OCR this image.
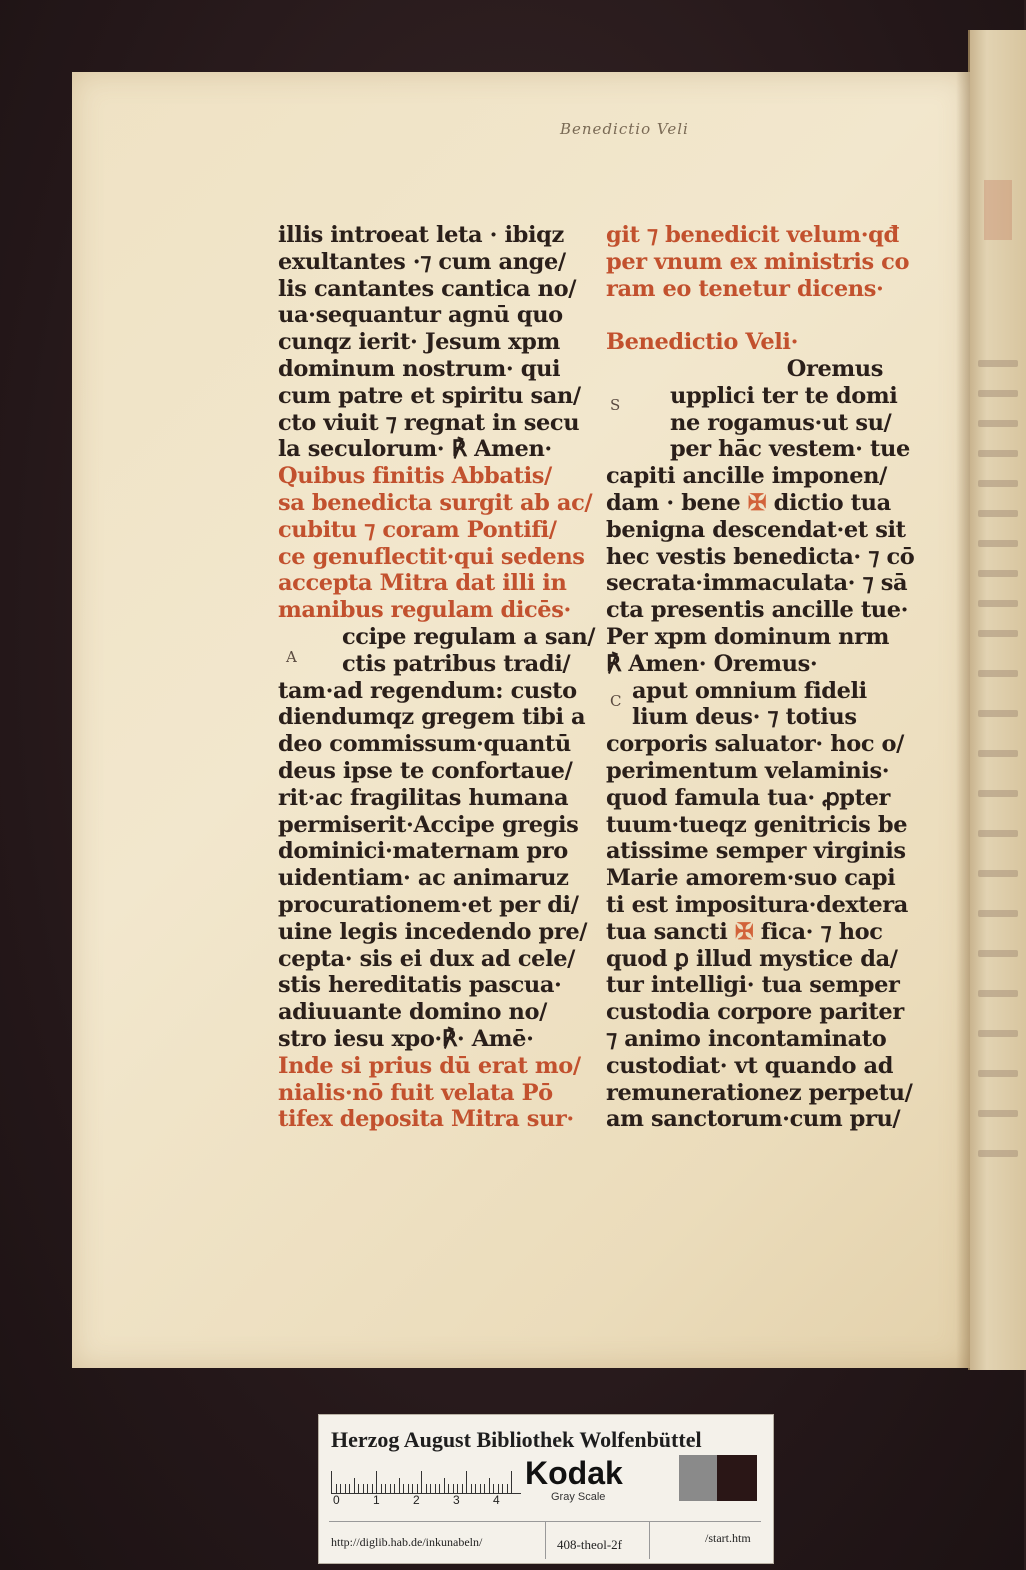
Benedictio Veli
illis introeat leta · ibiqz
exultantes ·⁊ cum ange/
lis cantantes cantica no/
ua·sequantur agnū quo
cunqz ierit· Jesum xpm
dominum nostrum· qui
cum patre et spiritu san/
cto viuit ⁊ regnat in secu
la seculorum· ℟ Amen·
Quibus finitis Abbatis/
sa benedicta surgit ab ac/
cubitu ⁊ coram Pontifi/
ce genuflectit·qui sedens
accepta Mitra dat illi in
manibus regulam dicēs·
ccipe regulam a san/
ctis patribus tradi/
tam·ad regendum: custo
diendumqz gregem tibi a
deo commissum·quantū
deus ipse te confortaue/
rit·ac fragilitas humana
permiserit·Accipe gregis
dominici·maternam pro
uidentiam· ac animaruz
procurationem·et per di/
uine legis incedendo pre/
cepta· sis ei dux ad cele/
stis hereditatis pascua·
adiuuante domino no/
stro iesu xpo·℟· Amē·
Inde si prius dū erat mo/
nialis·nō fuit velata Pō
tifex deposita Mitra sur·
A
git ⁊ benedicit velum·qđ
per vnum ex ministris co
ram eo tenetur dicens·
Benedictio Veli·
Oremus
upplici ter te domi
ne rogamus·ut su/
per hāc vestem· tue
capiti ancille imponen/
dam · bene ✠ dictio tua
benigna descendat·et sit
hec vestis benedicta· ⁊ cō
secrata·immaculata· ⁊ sā
cta presentis ancille tue·
Per xpm dominum nrm
℟ Amen· Oremus·
aput omnium fideli
lium deus· ⁊ totius
corporis saluator· hoc o/
perimentum velaminis·
quod famula tua· ꝓpter
tuum·tueqz genitricis be
atissime semper virginis
Marie amorem·suo capi
ti est impositura·dextera
tua sancti ✠ fica· ⁊ hoc
quod ꝑ illud mystice da/
tur intelligi· tua semper
custodia corpore pariter
⁊ animo incontaminato
custodiat· vt quando ad
remunerationez perpetu/
am sanctorum·cum pru/
S
C
Herzog August Bibliothek Wolfenbüttel
0	1	2	3	4
Kodak
Gray Scale
http://diglib.hab.de/inkunabeln/	408-theol-2f	/start.htm
